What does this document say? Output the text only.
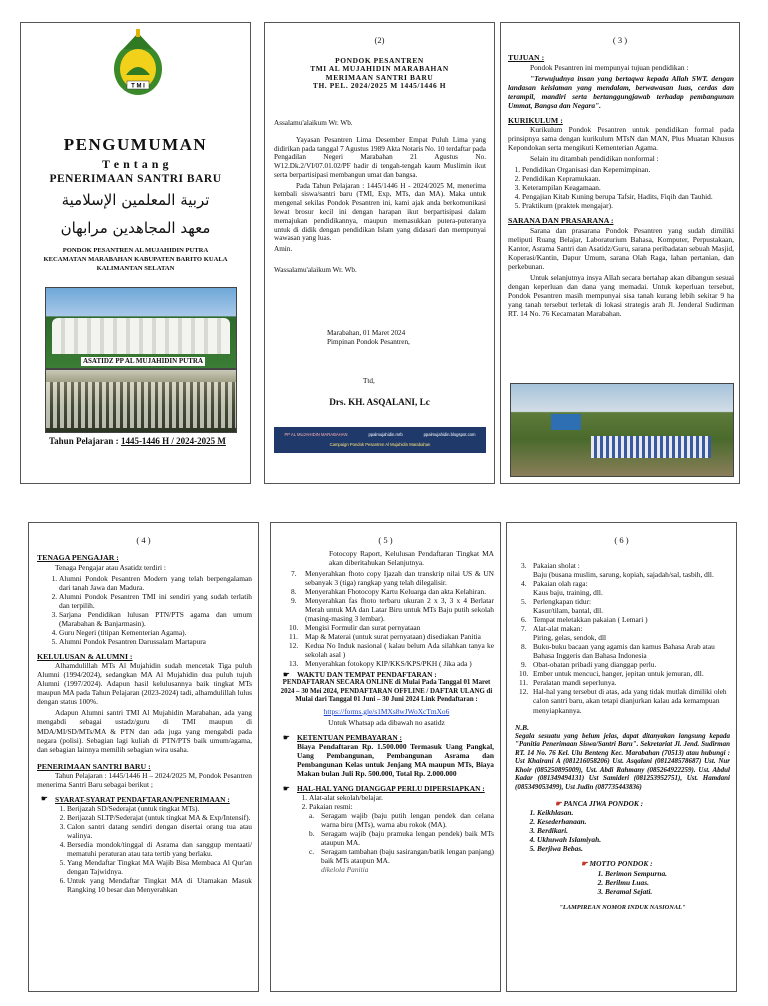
T M I
PENGUMUMAN
T e n t a n g
PENERIMAAN SANTRI BARU
تربية المعلمين الإسلامية
معهد المجاهدين مرابهان
PONDOK PESANTREN AL MUJAHIDIN PUTRA
KECAMATAN MARABAHAN KABUPATEN BARITO KUALA
KALIMANTAN SELATAN
ASATIDZ PP AL MUJAHIDIN PUTRA
Tahun Pelajaran : 1445-1446 H / 2024-2025 M
(2)
PONDOK PESANTREN
TMI AL MUJAHIDIN MARABAHAN
MERIMAAN SANTRI BARU
TH. PEL. 2024/2025 M 1445/1446 H

Assalamu'alaikum Wr. Wb.

Yayasan Pesantren Lima Desember Empat Puluh Lima yang didirikan pada tanggal 7 Agustus 1989 Akta Notaris No. 10 terdaftar pada Pengadilan Negeri Marabahan 21 Agustus No. W12.Dk.2/VI/07.01.02/PF hadir di tengah-tengah kaum Muslimin ikut serta berpartisipasi membangun umat dan bangsa.

Pada Tahun Pelajaran : 1445/1446 H - 2024/2025 M, menerima kembali siswa/santri baru (TMI, Exp, MTs, dan MA). Maka untuk mengenal sekilas Pondok Pesantren ini, kami ajak anda berkomunikasi lewat brosur kecil ini dengan harapan ikut berpartisipasi dalam memajukan pendidikannya, maupun memasukkan putera-puteranya untuk di didik dengan pendidikan Islam yang didasari dan mempunyai wawasan yang luas.

Amin.

Wassalamu'alaikum Wr. Wb.

Marabahan, 01 Maret 2024
Pimpinan Pondok Pesantren,
Ttd,
Drs. KH. ASQALANI, Lc
PP AL MUJAHIDIN MARABAHAN	ppalmujahidin.mrb	ppalmujahidin.blogspot.com
Campaign Pondok Pesantren Al Mujahidin Marabahan
( 3 )
TUJUAN :

Pondok Pesantren ini mempunyai tujuan pendidikan :

"Terwujudnya insan yang bertaqwa kepada Allah SWT. dengan landasan keislaman yang mendalam, berwawasan luas, cerdas dan terampil, mandiri serta bertanggungjawab terhadap pembangunan Ummat, Bangsa dan Negara".

KURIKULUM :

Kurikulum Pondok Pesantren untuk pendidikan formal pada prinsipnya sama dengan kurikulum MTsN dan MAN, Plus Muatan Khusus Kepondokan serta mengikuti Kementerian Agama.

Selain itu ditambah pendidikan nonformal :

1. Pendidikan Organisasi dan Kepemimpinan.
2. Pendidikan Kepramukaan.
3. Keterampilan Keagamaan.
4. Pengajian Kitab Kuning berupa Tafsir, Hadits, Fiqih dan Tauhid.
5. Praktikum (praktek mengajar).
SARANA DAN PRASARANA :

Sarana dan prasarana Pondok Pesantren yang sudah dimiliki meliputi Ruang Belajar, Laboraturium Bahasa, Komputer, Perpustakaan, Kantor, Asrama Santri dan Asatidz/Guru, sarana peribadatan sebuah Masjid, Koperasi/Kantin, Dapur Umum, sarana Olah Raga, lahan pertanian, dan perkebunan.

Untuk selanjutnya insya Allah secara bertahap akan dibangun sesuai dengan keperluan dan dana yang memadai. Untuk keperluan tersebut, Pondok Pesantren masih mempunyai sisa tanah kurang lebih sekitar 9 ha yang tanah tersebut terletak di lokasi strategis arah Jl. Jenderal Sudirman RT. 14 No. 76 Kecamatan Marabahan.

( 4 )
TENAGA PENGAJAR :

Tenaga Pengajar atau Asatidz terdiri :

1. Alumni Pondok Pesantren Modern yang telah berpengalaman dari tanah Jawa dan Madura.
2. Alumni Pondok Pesantren TMI ini sendiri yang sudah terlatih dan terpilih.
3. Sarjana Pendidikan lulusan PTN/PTS agama dan umum (Marabahan & Banjarmasin).
4. Guru Negeri (titipan Kementerian Agama).
5. Alumni Pondok Pesantren Darussalam Martapura
KELULUSAN & ALUMNI :

Alhamdulillah MTs Al Mujahidin sudah mencetak Tiga puluh Alumni (1994/2024), sedangkan MA Al Mujahidin dua puluh tujuh Alumni (1997/2024). Adapun hasil kelulusannya baik tingkat MTs maupun MA pada Tahun Pelajaran (2023-2024) tadi, alhamdulillah lulus dengan status 100%.

Adapun Alumni santri TMI Al Mujahidin Marabahan, ada yang mengabdi sebagai ustadz/guru di TMI maupun di MDA/MI/SD/MTs/MA & PTN dan ada juga yang mengabdi pada negara (polisi). Sebagian lagi kuliah di PTN/PTS baik umum/agama, dan sebagian lainnya memilih sebagian wira usaha.

PENERIMAAN SANTRI BARU :

Tahun Pelajaran : 1445/1446 H – 2024/2025 M, Pondok Pesantren menerima Santri Baru sebagai berikut ;

☛ SYARAT-SYARAT PENDAFTARAN/PENERIMAAN :
1. Berijazah SD/Sederajat (untuk tingkat MTs).
2. Berijazah SLTP/Sederajat (untuk tingkat MA & Exp/Intensif).
3. Calon santri datang sendiri dengan disertai orang tua atau walinya.
4. Bersedia mondok/tinggal di Asrama dan sanggup mentaati/ mematuhi peraturan atau tata tertib yang berlaku.
5. Yang Mendaftar Tingkat MA Wajib Bisa Membaca Al Qur'an dengan Tajwidnya.
6. Untuk yang Mendaftar Tingkat MA di Utamakan Masuk Rangking 10 besar dan Menyerahkan
( 5 )

Fotocopy Raport, Kelulusan Pendaftaran Tingkat MA akan diberitahukan Selanjutnya.

7. Menyerahkan fhoto copy Ijazah dan transkrip nilai US & UN sebanyak 3 (tiga) rangkap yang telah dilegalisir.
8. Menyerahkan Fhotocopy Kartu Keluarga dan akta Kelahiran.
9. Menyerahkan fas fhoto terbaru ukuran 2 x 3, 3 x 4 Berlatar Merah untuk MA dan Latar Biru untuk MTs Baju putih sekolah (masing-masing 3 lembar).
10. Mengisi Formulir dan surat pernyataan
11. Map & Materai (untuk surat pernyataan) disediakan Panitia
12. Kedua No Induk nasional ( kalau belum Ada silahkan tanya ke sekolah asal )
13. Menyerahkan fotokopy KIP/KKS/KPS/PKH ( Jika ada )
☛ WAKTU DAN TEMPAT PENDAFTARAN :

PENDAFTARAN SECARA ONLINE di Mulai Pada Tanggal 01 Maret 2024 – 30 Mei 2024, PENDAFTARAN OFFLINE / DAFTAR ULANG di Mulai dari Tanggal 01 Juni – 30 Juni 2024 Link Pendaftaran :

https://forms.gle/s1MXs8wJWoXcTmXo6

Untuk Whatsap ada dibawah no asatidz

☛ KETENTUAN PEMBAYARAN :

Biaya Pendaftaran Rp. 1.500.000 Termasuk Uang Pangkal, Uang Pembangunan, Pembangunan Asrama dan Pembangunan Kelas untuk Jenjang MA maupun MTs, Biaya Makan bulan Juli Rp. 500.000, Total Rp. 2.000.000

☛ HAL-HAL YANG DIANGGAP PERLU DIPERSIAPKAN :
1. Alat-alat sekolah/belajar.
2. Pakaian resmi:
a. Seragam wajib (baju putih lengan pendek dan celana warna biru (MTs), warna abu rokok (MA).
b. Seragam wajib (baju pramuka lengan pendek) baik MTs ataupun MA.
c. Seragam tambahan (baju sasirangan/batik lengan panjang) baik MTs ataupun MA.

dikelola Panitia

( 6 )
3. Pakaian sholat :
Baju (busana muslim, sarung, kopiah, sajadah/sal, tasbih, dll.
4. Pakaian olah raga:
Kaus baju, training, dll.
5. Perlengkapan tidur:
Kasur/tilam, bantal, dll.
6. Tempat meletakkan pakaian ( Lemari )
7. Alat-alat makan:
Piring, gelas, sendok, dll
8. Buku-buku bacaan yang agamis dan kamus Bahasa Arab atau Bahasa Inggeris dan Bahasa Indonesia
9. Obat-obatan pribadi yang dianggap perlu.
10. Ember untuk mencuci, hanger, jepitan untuk jemuran, dll.
11. Peralatan mandi seperlunya.
12. Hal-hal yang tersebut di atas, ada yang tidak mutlak dimiliki oleh calon santri baru, akan tetapi dianjurkan kalau ada kemampuan menyiapkannya.
N.B.

Segala sesuatu yang belum jelas, dapat ditanyakan langsung kepada "Panitia Penerimaan Siswa/Santri Baru". Sekretariat Jl. Jend. Sudirman RT. 14 No. 76 Kel. Ulu Benteng Kec. Marabahan (70513) atau hubungi : Ust Khairani A (081216058206) Ust. Asqalani (081248578687) Ust. Nur Khoir (085250895009), Ust. Abdi Rahmany (085264922259). Ust. Abdul Kadar (081349494131) Ust Samideri (081253952751), Ust. Hamdani (085349053499), Ust Judin (087735443836)

☛ PANCA JIWA PONDOK :
1. Keikhlasan.
2. Kesederhanaan.
3. Berdikari.
4. Ukhuwah Islamiyah.
5. Berjiwa Bebas.
☛ MOTTO PONDOK :
1. Berimon Sempurna.
2. Berilmu Luas.
3. Beramal Sejati.
"LAMPIREAN NOMOR INDUK NASIONAL"
